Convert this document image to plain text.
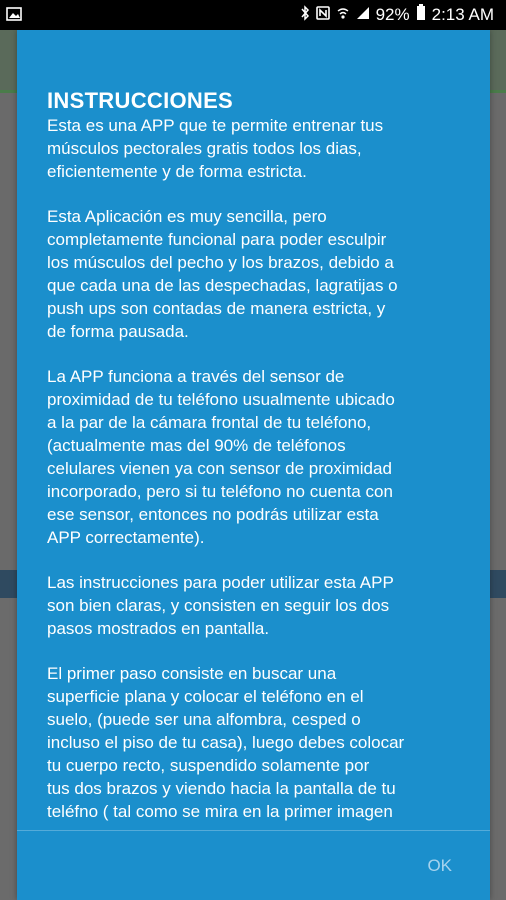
92% 2:13 AM
INSTRUCCIONES

Esta es una APP que te permite entrenar tus
músculos pectorales gratis todos los dias,
eficientemente y de forma estricta.

Esta Aplicación es muy sencilla, pero
completamente funcional para poder esculpir
los músculos del pecho y los brazos, debido a
que cada una de las despechadas, lagratijas o
push ups son contadas de manera estricta, y
de forma pausada.

La APP funciona a través del sensor de
proximidad de tu teléfono usualmente ubicado
a la par de la cámara frontal de tu teléfono,
(actualmente mas del 90% de teléfonos
celulares vienen ya con sensor de proximidad
incorporado, pero si tu teléfono no cuenta con
ese sensor, entonces no podrás utilizar esta
APP correctamente).

Las instrucciones para poder utilizar esta APP
son bien claras, y consisten en seguir los dos
pasos mostrados en pantalla.

El primer paso consiste en buscar una
superficie plana y colocar el teléfono en el
suelo, (puede ser una alfombra, cesped o
incluso el piso de tu casa), luego debes colocar
tu cuerpo recto, suspendido solamente por
tus dos brazos y viendo hacia la pantalla de tu
teléfno ( tal como se mira en la primer imagen

OK
